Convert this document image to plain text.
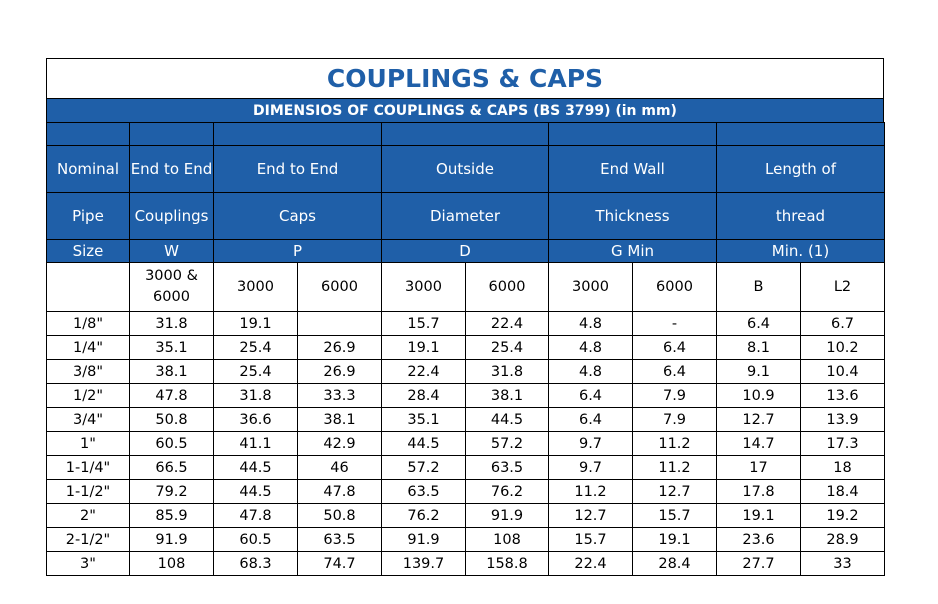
COUPLINGS & CAPS
DIMENSIOS OF COUPLINGS & CAPS (BS 3799) (in mm)

Nominal	End to End	End to End		Outside		End Wall		Length of	
Pipe	Couplings	Caps		Diameter		Thickness		thread	
Size	W	P		D		G Min		Min. (1)	
	3000 & 6000	3000	6000	3000	6000	3000	6000	B	L2
1/8"	31.8	19.1		15.7	22.4	4.8	-	6.4	6.7
1/4"	35.1	25.4	26.9	19.1	25.4	4.8	6.4	8.1	10.2
3/8"	38.1	25.4	26.9	22.4	31.8	4.8	6.4	9.1	10.4
1/2"	47.8	31.8	33.3	28.4	38.1	6.4	7.9	10.9	13.6
3/4"	50.8	36.6	38.1	35.1	44.5	6.4	7.9	12.7	13.9
1"	60.5	41.1	42.9	44.5	57.2	9.7	11.2	14.7	17.3
1-1/4"	66.5	44.5	46	57.2	63.5	9.7	11.2	17	18
1-1/2"	79.2	44.5	47.8	63.5	76.2	11.2	12.7	17.8	18.4
2"	85.9	47.8	50.8	76.2	91.9	12.7	15.7	19.1	19.2
2-1/2"	91.9	60.5	63.5	91.9	108	15.7	19.1	23.6	28.9
3"	108	68.3	74.7	139.7	158.8	22.4	28.4	27.7	33
